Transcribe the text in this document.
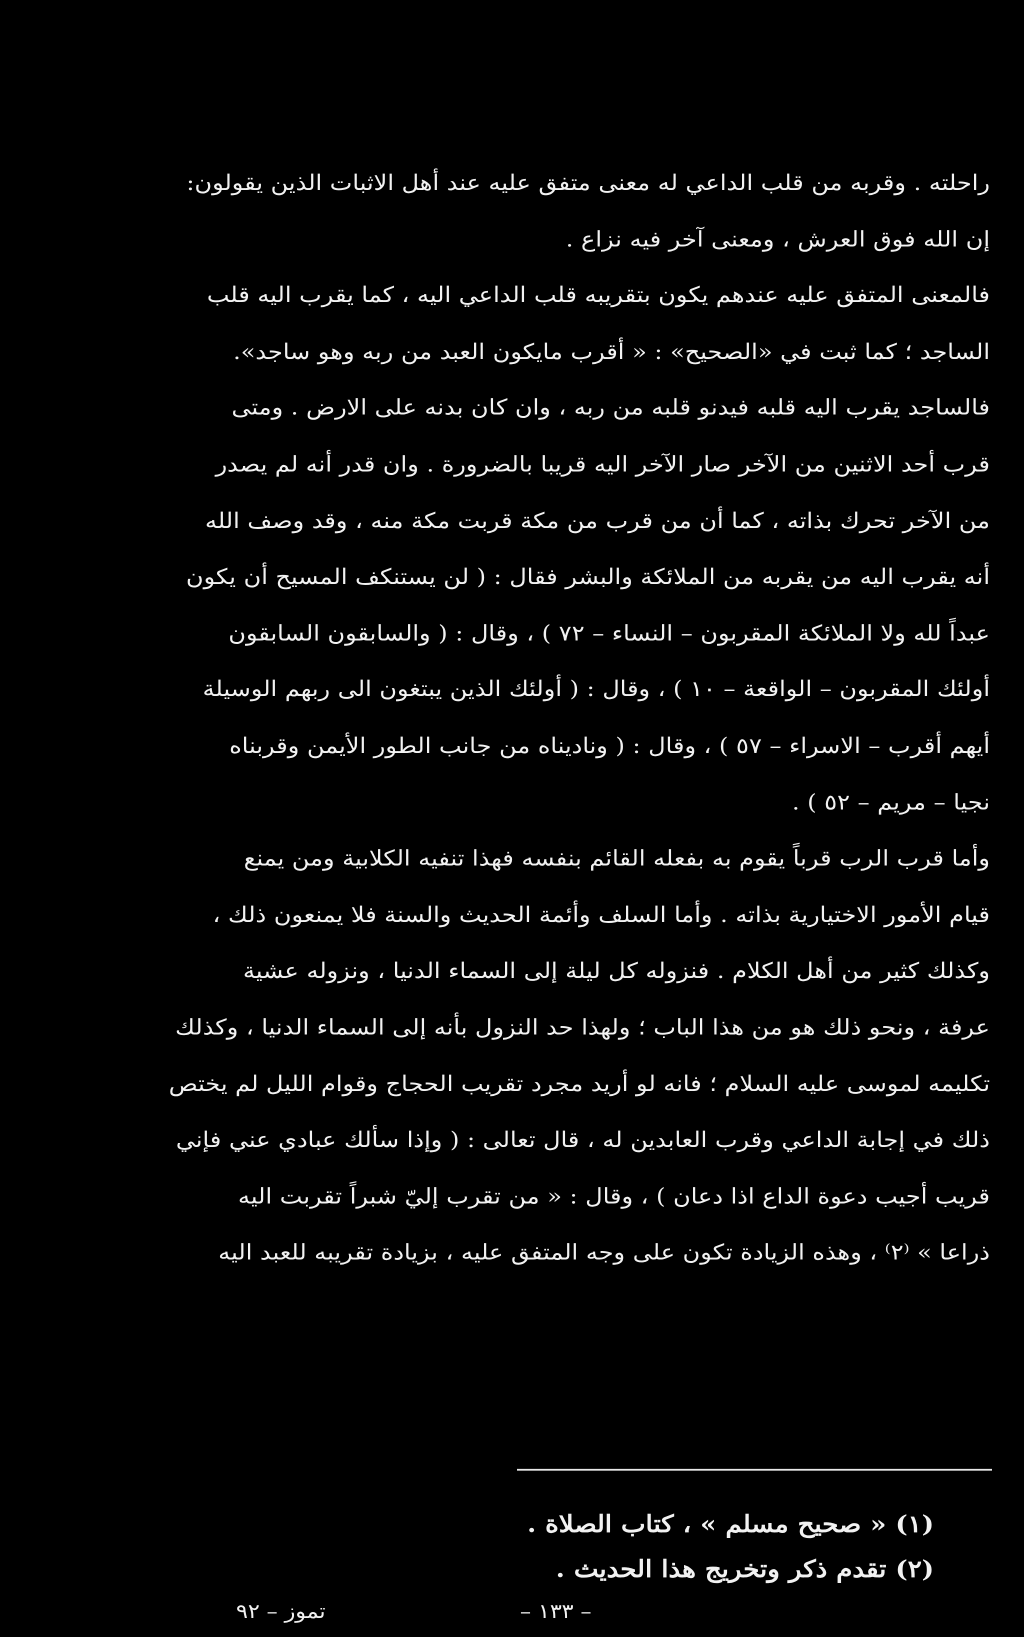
راحلته . وقربه من قلب الداعي له معنى متفق عليه عند أهل الاثبات الذين يقولون:
إن الله فوق العرش ، ومعنى آخر فيه نزاع .
فالمعنى المتفق عليه عندهم يكون بتقريبه قلب الداعي اليه ، كما يقرب اليه قلب
الساجد ؛ كما ثبت في «الصحيح» : « أقرب مايكون العبد من ربه وهو ساجد».
فالساجد يقرب اليه قلبه فيدنو قلبه من ربه ، وان كان بدنه على الارض . ومتى
قرب أحد الاثنين من الآخر صار الآخر اليه قريبا بالضرورة . وان قدر أنه لم يصدر
من الآخر تحرك بذاته ، كما أن من قرب من مكة قربت مكة منه ، وقد وصف الله
أنه يقرب اليه من يقربه من الملائكة والبشر فقال : ( لن يستنكف المسيح أن يكون
عبداً لله ولا الملائكة المقربون – النساء – ٧٢ ) ، وقال : ( والسابقون السابقون
أولئك المقربون – الواقعة – ١٠ ) ، وقال : ( أولئك الذين يبتغون الى ربهم الوسيلة
أيهم أقرب – الاسراء – ٥٧ ) ، وقال : ( وناديناه من جانب الطور الأيمن وقربناه
نجيا – مريم – ٥٢ ) .
وأما قرب الرب قرباً يقوم به بفعله القائم بنفسه فهذا تنفيه الكلابية ومن يمنع
قيام الأمور الاختيارية بذاته . وأما السلف وأئمة الحديث والسنة فلا يمنعون ذلك ،
وكذلك كثير من أهل الكلام . فنزوله كل ليلة إلى السماء الدنيا ، ونزوله عشية
عرفة ، ونحو ذلك هو من هذا الباب ؛ ولهذا حد النزول بأنه إلى السماء الدنيا ، وكذلك
تكليمه لموسى عليه السلام ؛ فانه لو أريد مجرد تقريب الحجاج وقوام الليل لم يختص
ذلك في إجابة الداعي وقرب العابدين له ، قال تعالى : ( وإذا سألك عبادي عني فإني
قريب أجيب دعوة الداع اذا دعان ) ، وقال : « من تقرب إليّ شبراً تقربت اليه
ذراعا » ⁽٢⁾ ، وهذه الزيادة تكون على وجه المتفق عليه ، بزيادة تقريبه للعبد اليه
(١) « صحيح مسلم » ، كتاب الصلاة .
(٢) تقدم ذكر وتخريج هذا الحديث .
تموز – ٩٢	– ١٣٣ –
